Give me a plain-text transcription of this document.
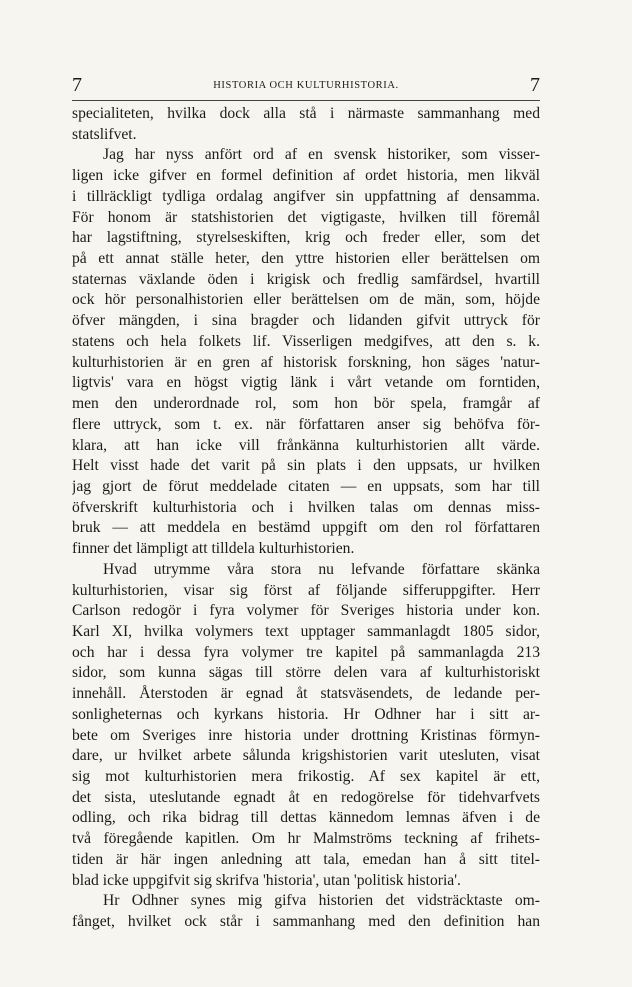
7	HISTORIA OCH KULTURHISTORIA.	7
specialiteten, hvilka dock alla stå i närmaste sammanhang med
statslifvet.
Jag har nyss anfört ord af en svensk historiker, som visser-
ligen icke gifver en formel definition af ordet historia, men likväl
i tillräckligt tydliga ordalag angifver sin uppfattning af densamma.
För honom är statshistorien det vigtigaste, hvilken till föremål
har lagstiftning, styrelseskiften, krig och freder eller, som det
på ett annat ställe heter, den yttre historien eller berättelsen om
staternas växlande öden i krigisk och fredlig samfärdsel, hvartill
ock hör personalhistorien eller berättelsen om de män, som, höjde
öfver mängden, i sina bragder och lidanden gifvit uttryck för
statens och hela folkets lif. Visserligen medgifves, att den s. k.
kulturhistorien är en gren af historisk forskning, hon säges 'natur-
ligtvis' vara en högst vigtig länk i vårt vetande om forntiden,
men den underordnade rol, som hon bör spela, framgår af
flere uttryck, som t. ex. när författaren anser sig behöfva för-
klara, att han icke vill frånkänna kulturhistorien allt värde.
Helt visst hade det varit på sin plats i den uppsats, ur hvilken
jag gjort de förut meddelade citaten — en uppsats, som har till
öfverskrift kulturhistoria och i hvilken talas om dennas miss-
bruk — att meddela en bestämd uppgift om den rol författaren
finner det lämpligt att tilldela kulturhistorien.
Hvad utrymme våra stora nu lefvande författare skänka
kulturhistorien, visar sig först af följande sifferuppgifter. Herr
Carlson redogör i fyra volymer för Sveriges historia under kon.
Karl XI, hvilka volymers text upptager sammanlagdt 1805 sidor,
och har i dessa fyra volymer tre kapitel på sammanlagda 213
sidor, som kunna sägas till större delen vara af kulturhistoriskt
innehåll. Återstoden är egnad åt statsväsendets, de ledande per-
sonligheternas och kyrkans historia. Hr Odhner har i sitt ar-
bete om Sveriges inre historia under drottning Kristinas förmyn-
dare, ur hvilket arbete sålunda krigshistorien varit utesluten, visat
sig mot kulturhistorien mera frikostig. Af sex kapitel är ett,
det sista, uteslutande egnadt åt en redogörelse för tidehvarfvets
odling, och rika bidrag till dettas kännedom lemnas äfven i de
två föregående kapitlen. Om hr Malmströms teckning af frihets-
tiden är här ingen anledning att tala, emedan han å sitt titel-
blad icke uppgifvit sig skrifva 'historia', utan 'politisk historia'.
Hr Odhner synes mig gifva historien det vidsträcktaste om-
fånget, hvilket ock står i sammanhang med den definition han
